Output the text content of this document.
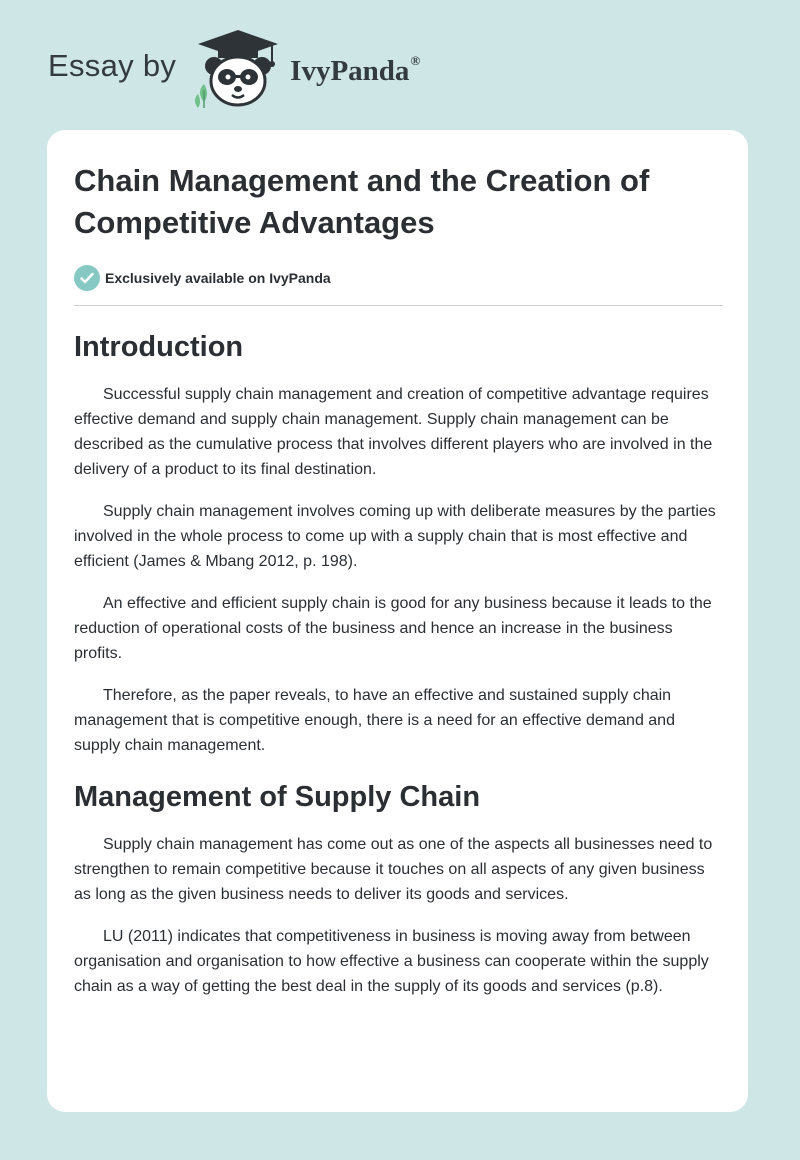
Essay by	IvyPanda®
Chain Management and the Creation of Competitive Advantages
Exclusively available on IvyPanda
Introduction

Successful supply chain management and creation of competitive advantage requires effective demand and supply chain management. Supply chain management can be described as the cumulative process that involves different players who are involved in the delivery of a product to its final destination.

Supply chain management involves coming up with deliberate measures by the parties involved in the whole process to come up with a supply chain that is most effective and efficient (James & Mbang 2012, p. 198).

An effective and efficient supply chain is good for any business because it leads to the reduction of operational costs of the business and hence an increase in the business profits.

Therefore, as the paper reveals, to have an effective and sustained supply chain management that is competitive enough, there is a need for an effective demand and supply chain management.

Management of Supply Chain

Supply chain management has come out as one of the aspects all businesses need to strengthen to remain competitive because it touches on all aspects of any given business as long as the given business needs to deliver its goods and services.

LU (2011) indicates that competitiveness in business is moving away from between organisation and organisation to how effective a business can cooperate within the supply chain as a way of getting the best deal in the supply of its goods and services (p.8).
